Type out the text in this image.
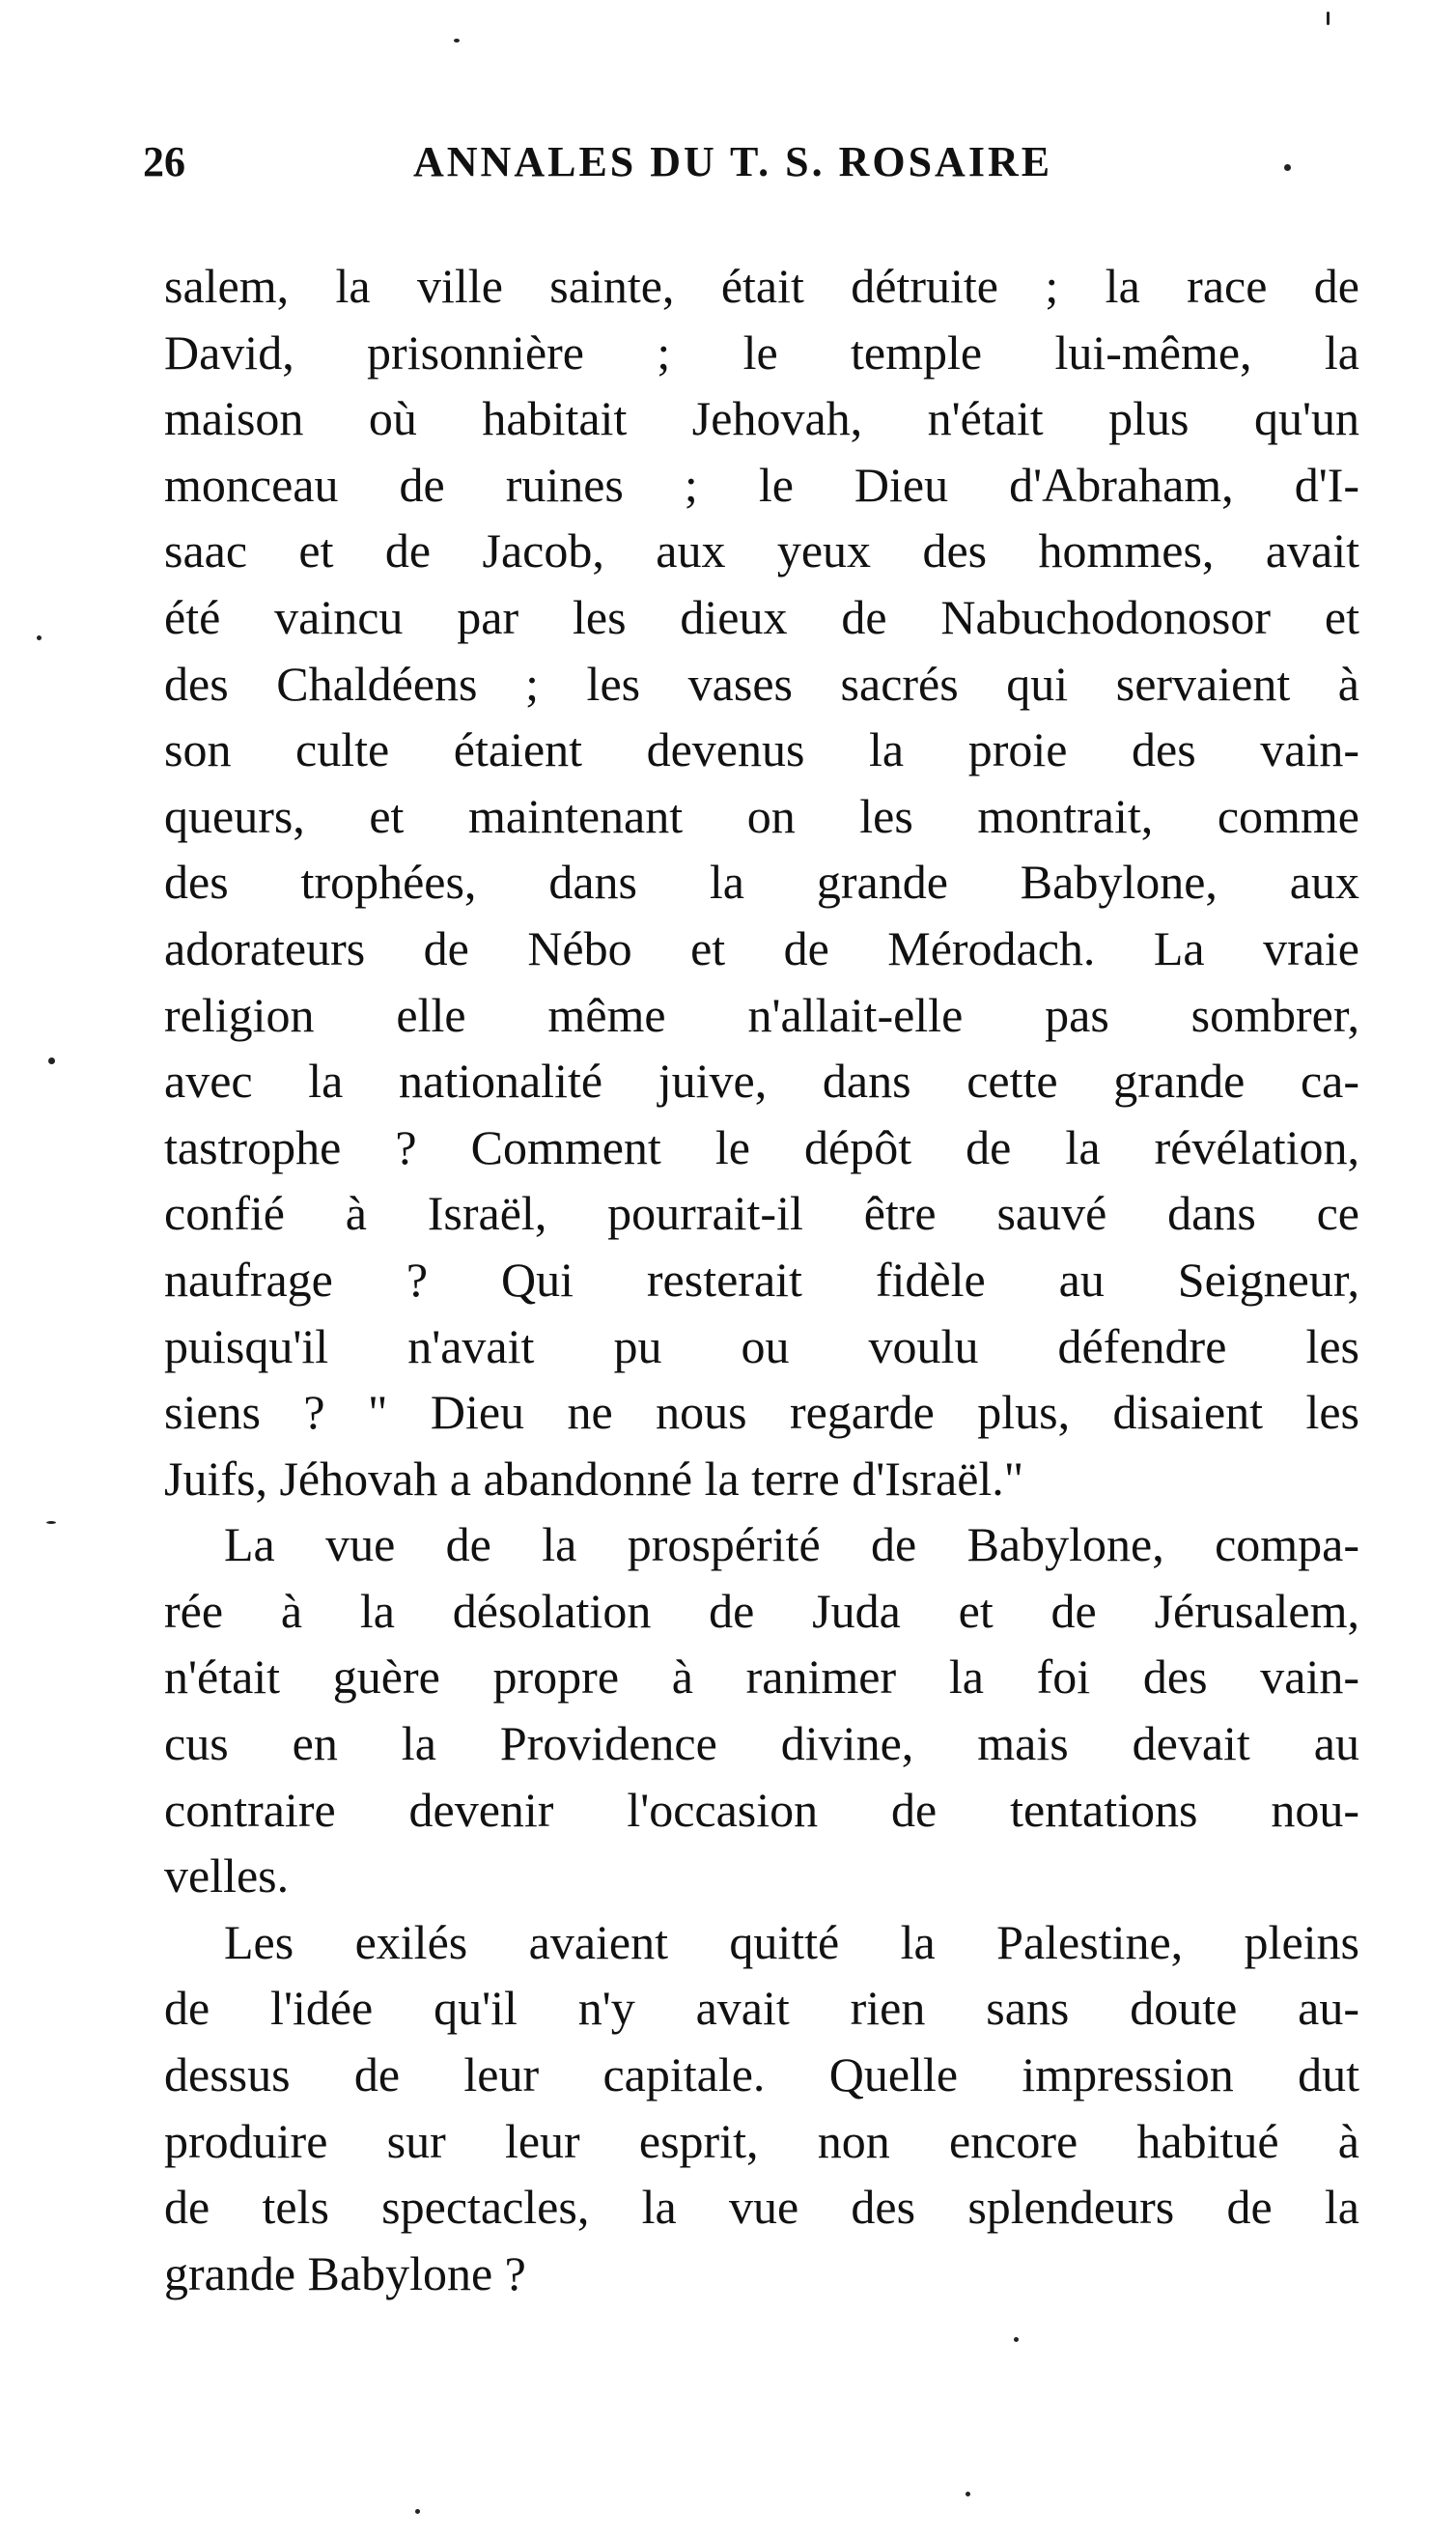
26	ANNALES DU T. S. ROSAIRE
salem, la ville sainte, était détruite ; la race de
David, prisonnière ; le temple lui-même, la
maison où habitait Jehovah, n'était plus qu'un
monceau de ruines ; le Dieu d'Abraham, d'I-
saac et de Jacob, aux yeux des hommes, avait
été vaincu par les dieux de Nabuchodonosor et
des Chaldéens ; les vases sacrés qui servaient à
son culte étaient devenus la proie des vain-
queurs, et maintenant on les montrait, comme
des trophées, dans la grande Babylone, aux
adorateurs de Nébo et de Mérodach. La vraie
religion elle même n'allait-elle pas sombrer,
avec la nationalité juive, dans cette grande ca-
tastrophe ? Comment le dépôt de la révélation,
confié à Israël, pourrait-il être sauvé dans ce
naufrage ? Qui resterait fidèle au Seigneur,
puisqu'il n'avait pu ou voulu défendre les
siens ? " Dieu ne nous regarde plus, disaient les
Juifs, Jéhovah a abandonné la terre d'Israël."
La vue de la prospérité de Babylone, compa-
rée à la désolation de Juda et de Jérusalem,
n'était guère propre à ranimer la foi des vain-
cus en la Providence divine, mais devait au
contraire devenir l'occasion de tentations nou-
velles.
Les exilés avaient quitté la Palestine, pleins
de l'idée qu'il n'y avait rien sans doute au-
dessus de leur capitale. Quelle impression dut
produire sur leur esprit, non encore habitué à
de tels spectacles, la vue des splendeurs de la
grande Babylone ?
